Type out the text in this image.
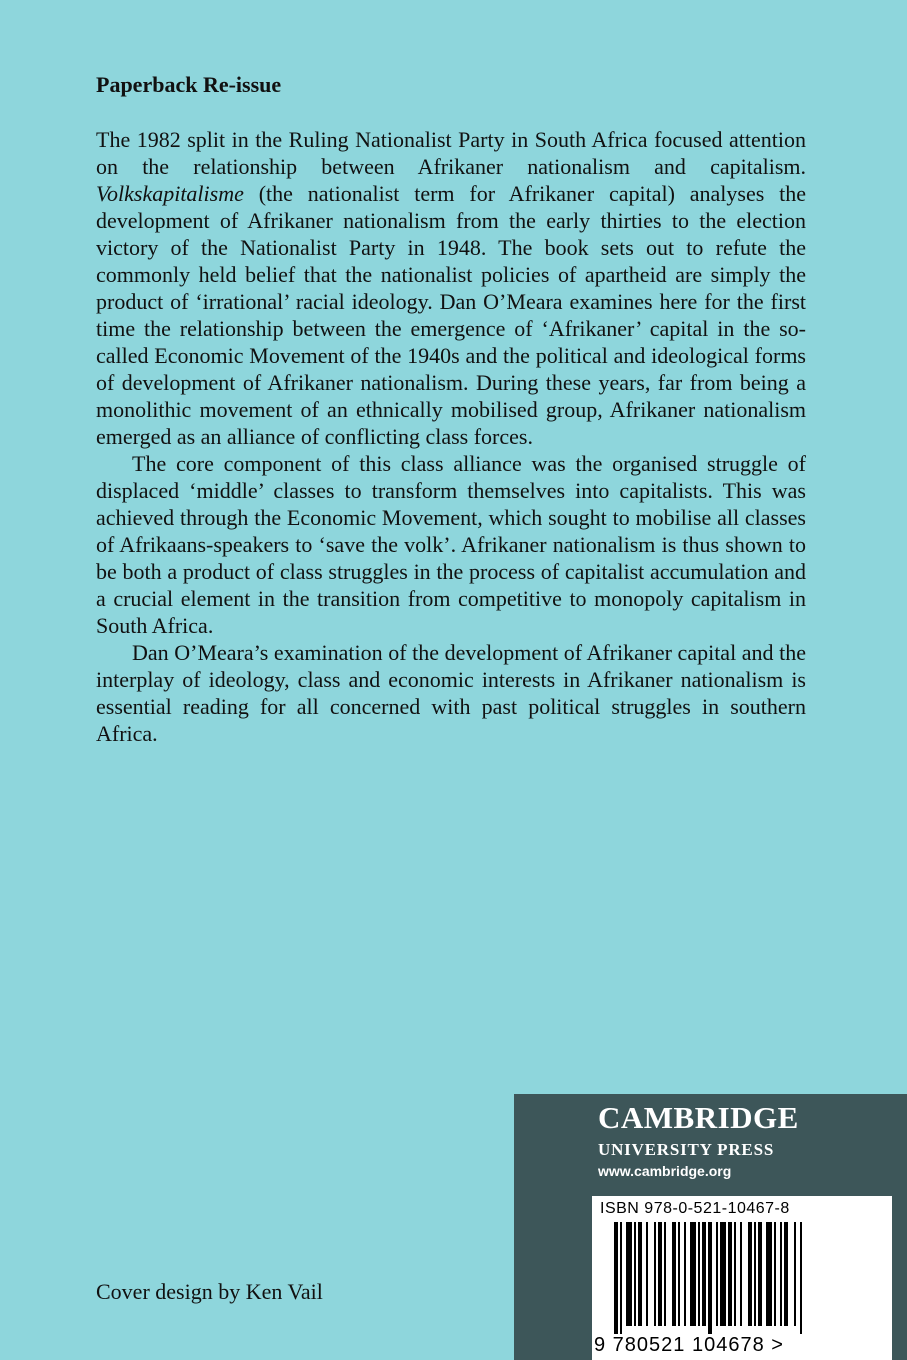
Paperback Re-issue

The 1982 split in the Ruling Nationalist Party in South Africa focused attention on the relationship between Afrikaner nationalism and capitalism. Volkskapitalisme (the nationalist term for Afrikaner capital) analyses the development of Afrikaner nationalism from the early thirties to the election victory of the Nationalist Party in 1948. The book sets out to refute the commonly held belief that the nationalist policies of apartheid are simply the product of ‘irrational’ racial ideology. Dan O’Meara examines here for the first time the relationship between the emergence of ‘Afrikaner’ capital in the so-called Economic Movement of the 1940s and the political and ideological forms of development of Afrikaner nationalism. During these years, far from being a monolithic movement of an ethnically mobilised group, Afrikaner nationalism emerged as an alliance of conflicting class forces.

The core component of this class alliance was the organised struggle of displaced ‘middle’ classes to transform themselves into capitalists. This was achieved through the Economic Movement, which sought to mobilise all classes of Afrikaans-speakers to ‘save the volk’. Afrikaner nationalism is thus shown to be both a product of class struggles in the process of capitalist accumulation and a crucial element in the transition from competitive to monopoly capitalism in South Africa.

Dan O’Meara’s examination of the development of Afrikaner capital and the interplay of ideology, class and economic interests in Afrikaner nationalism is essential reading for all concerned with past political struggles in southern Africa.

Cover design by Ken Vail
CAMBRIDGE
UNIVERSITY PRESS
www.cambridge.org
ISBN 978-0-521-10467-8
9 780521 104678 >
